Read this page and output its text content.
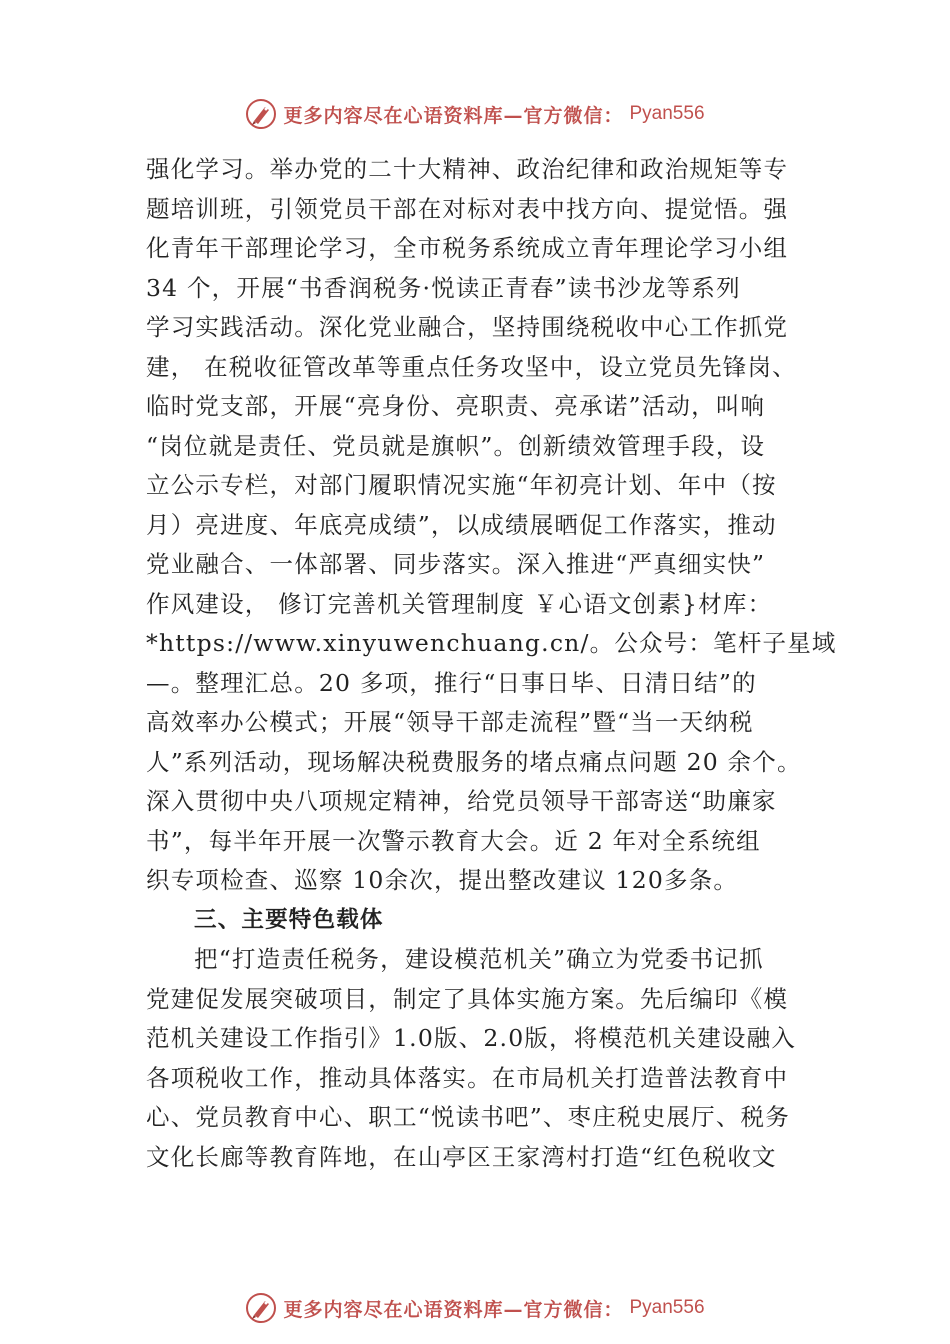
更多内容尽在心语资料库—官方微信： Pyan556
强化学习。举办党的二十大精神、政治纪律和政治规矩等专
题培训班，引领党员干部在对标对表中找方向、提觉悟。强
化青年干部理论学习，全市税务系统成立青年理论学习小组
34 个，开展“书香润税务·悦读正青春”读书沙龙等系列
学习实践活动。深化党业融合，坚持围绕税收中心工作抓党
建， 在税收征管改革等重点任务攻坚中，设立党员先锋岗、
临时党支部，开展“亮身份、亮职责、亮承诺”活动，叫响
“岗位就是责任、党员就是旗帜”。创新绩效管理手段，设
立公示专栏，对部门履职情况实施“年初亮计划、年中（按
月）亮进度、年底亮成绩”，以成绩展晒促工作落实，推动
党业融合、一体部署、同步落实。深入推进“严真细实快”
作风建设， 修订完善机关管理制度 ￥心语文创素}材库：
*https://www.xinyuwenchuang.cn/。公众号：笔杆子星域
—。整理汇总。20 多项，推行“日事日毕、日清日结”的
高效率办公模式；开展“领导干部走流程”暨“当一天纳税
人”系列活动，现场解决税费服务的堵点痛点问题 20 余个。
深入贯彻中央八项规定精神，给党员领导干部寄送“助廉家
书”，每半年开展一次警示教育大会。近 2 年对全系统组
织专项检查、巡察 10余次，提出整改建议 120多条。
三、主要特色载体
把“打造责任税务，建设模范机关”确立为党委书记抓
党建促发展突破项目，制定了具体实施方案。先后编印《模
范机关建设工作指引》1.0版、2.0版，将模范机关建设融入
各项税收工作，推动具体落实。在市局机关打造普法教育中
心、党员教育中心、职工“悦读书吧”、枣庄税史展厅、税务
文化长廊等教育阵地，在山亭区王家湾村打造“红色税收文
更多内容尽在心语资料库—官方微信： Pyan556
